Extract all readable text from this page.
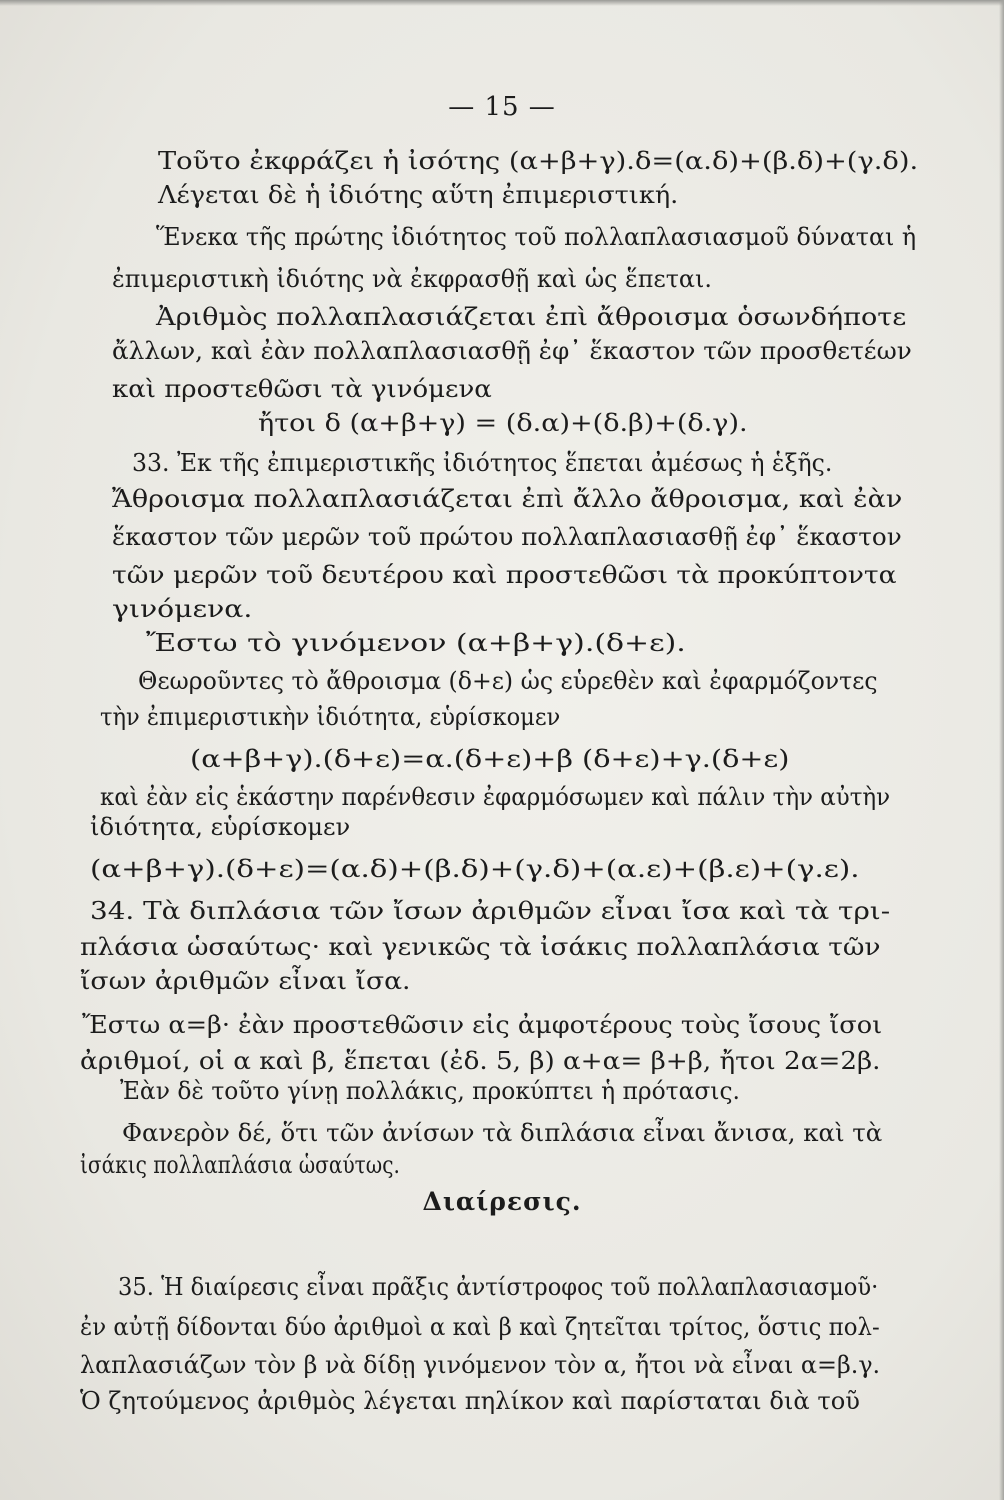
— 15 —
Τοῦτο ἐκφράζει ἡ ἰσότης (α+β+γ).δ=(α.δ)+(β.δ)+(γ.δ).
Λέγεται δὲ ἡ ἰδιότης αὕτη ἐπιμεριστική.
Ἕνεκα τῆς πρώτης ἰδιότητος τοῦ πολλαπλασιασμοῦ δύναται ἡ
ἐπιμεριστικὴ ἰδιότης νὰ ἐκφρασθῇ καὶ ὡς ἕπεται.
Ἀριθμὸς πολλαπλασιάζεται ἐπὶ ἄθροισμα ὁσωνδήποτε
ἄλλων, καὶ ἐὰν πολλαπλασιασθῇ ἐφ᾽ ἕκαστον τῶν προσθετέων
καὶ προστεθῶσι τὰ γινόμενα
ἤτοι δ (α+β+γ) = (δ.α)+(δ.β)+(δ.γ).
33. Ἐκ τῆς ἐπιμεριστικῆς ἰδιότητος ἕπεται ἀμέσως ἡ ἑξῆς.
Ἄθροισμα πολλαπλασιάζεται ἐπὶ ἄλλο ἄθροισμα, καὶ ἐὰν
ἕκαστον τῶν μερῶν τοῦ πρώτου πολλαπλασιασθῇ ἐφ᾽ ἕκαστον
τῶν μερῶν τοῦ δευτέρου καὶ προστεθῶσι τὰ προκύπτοντα
γινόμενα.
Ἔστω τὸ γινόμενον (α+β+γ).(δ+ε).
Θεωροῦντες τὸ ἄθροισμα (δ+ε) ὡς εὑρεθὲν καὶ ἐφαρμόζοντες
τὴν ἐπιμεριστικὴν ἰδιότητα, εὑρίσκομεν
(α+β+γ).(δ+ε)=α.(δ+ε)+β (δ+ε)+γ.(δ+ε)
καὶ ἐὰν εἰς ἑκάστην παρένθεσιν ἐφαρμόσωμεν καὶ πάλιν τὴν αὐτὴν
ἰδιότητα, εὑρίσκομεν
(α+β+γ).(δ+ε)=(α.δ)+(β.δ)+(γ.δ)+(α.ε)+(β.ε)+(γ.ε).
34. Τὰ διπλάσια τῶν ἴσων ἀριθμῶν εἶναι ἴσα καὶ τὰ τρι-
πλάσια ὡσαύτως· καὶ γενικῶς τὰ ἰσάκις πολλαπλάσια τῶν
ἴσων ἀριθμῶν εἶναι ἴσα.
Ἔστω α=β· ἐὰν προστεθῶσιν εἰς ἀμφοτέρους τοὺς ἴσους ἴσοι
ἀριθμοί, οἱ α καὶ β, ἕπεται (ἐδ. 5, β) α+α= β+β, ἤτοι 2α=2β.
Ἐὰν δὲ τοῦτο γίνῃ πολλάκις, προκύπτει ἡ πρότασις.
Φανερὸν δέ, ὅτι τῶν ἀνίσων τὰ διπλάσια εἶναι ἄνισα, καὶ τὰ
ἰσάκις πολλαπλάσια ὡσαύτως.
Διαίρεσις.
35. Ἡ διαίρεσις εἶναι πρᾶξις ἀντίστροφος τοῦ πολλαπλασιασμοῦ·
ἐν αὐτῇ δίδονται δύο ἀριθμοὶ α καὶ β καὶ ζητεῖται τρίτος, ὅστις πολ-
λαπλασιάζων τὸν β νὰ δίδῃ γινόμενον τὸν α, ἤτοι νὰ εἶναι α=β.γ.
Ὁ ζητούμενος ἀριθμὸς λέγεται πηλίκον καὶ παρίσταται διὰ τοῦ
